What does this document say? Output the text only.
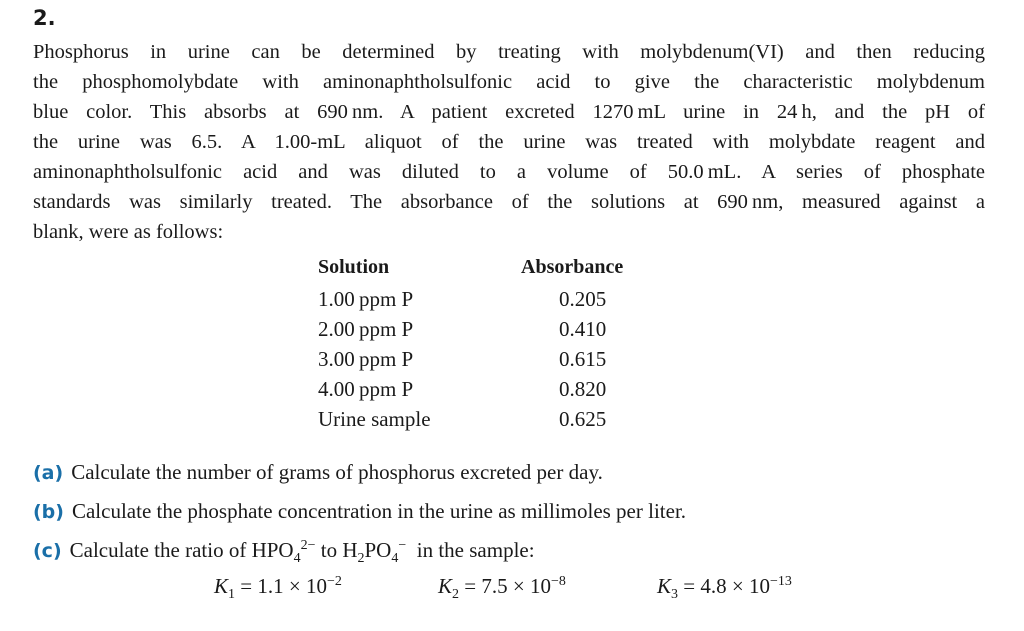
2.
Phosphorus in urine can be determined by treating with molybdenum(VI) and then reducing
the phosphomolybdate with aminonaphtholsulfonic acid to give the characteristic molybdenum
blue color. This absorbs at 690 nm. A patient excreted 1270 mL urine in 24 h, and the pH of
the urine was 6.5. A 1.00-mL aliquot of the urine was treated with molybdate reagent and
aminonaphtholsulfonic acid and was diluted to a volume of 50.0 mL. A series of phosphate
standards was similarly treated. The absorbance of the solutions at 690 nm, measured against a
blank, were as follows:
Solution	Absorbance
1.00 ppm P	0.205
2.00 ppm P	0.410
3.00 ppm P	0.615
4.00 ppm P	0.820
Urine sample	0.625
(a) Calculate the number of grams of phosphorus excreted per day.
(b) Calculate the phosphate concentration in the urine as millimoles per liter.
(c) Calculate the ratio of $HPO_4^{2-}$ to $H_2PO_4^-$  in the sample:
$K_1 = 1.1 \times 10^{-2}$	$K_2 = 7.5 \times 10^{-8}$	$K_3 = 4.8 \times 10^{-13}$
